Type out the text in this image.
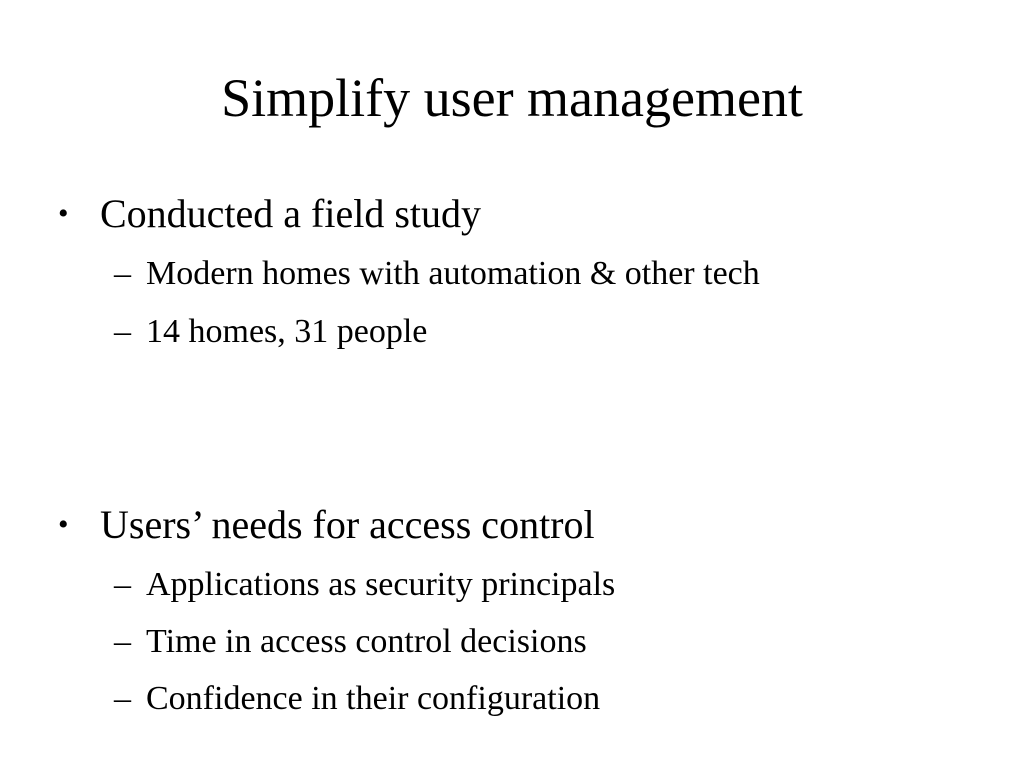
Simplify user management
• Conducted a field study
– Modern homes with automation & other tech
– 14 homes, 31 people
• Users’ needs for access control
– Applications as security principals
– Time in access control decisions
– Confidence in their configuration
